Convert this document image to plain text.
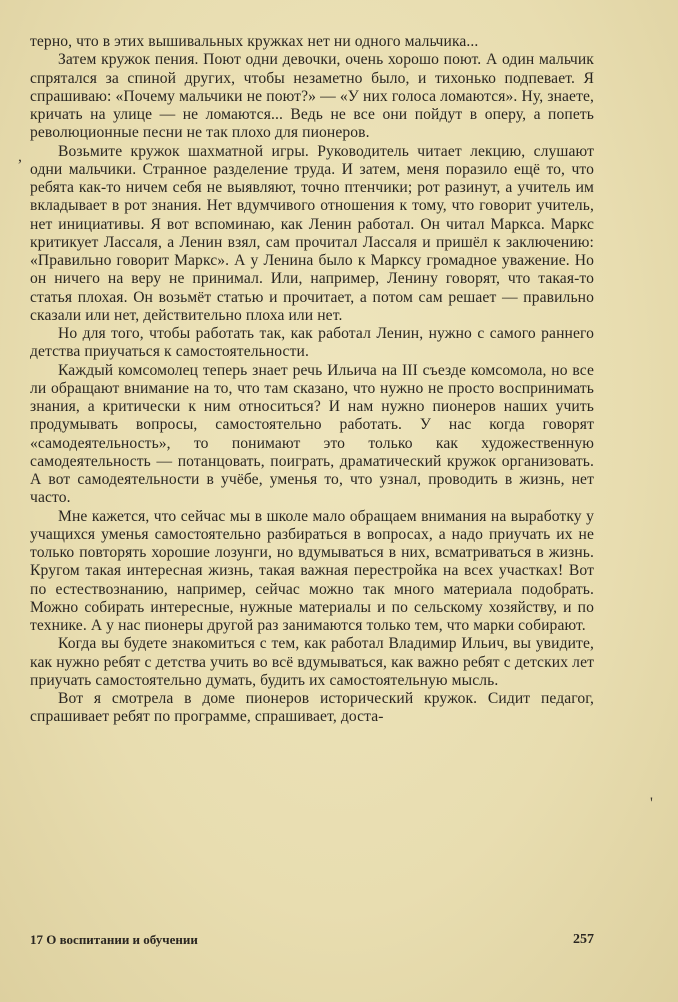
терно, что в этих вышивальных кружках нет ни одного мальчика...

Затем кружок пения. Поют одни девочки, очень хорошо поют. А один мальчик спрятался за спиной других, чтобы незаметно было, и тихонько подпевает. Я спрашиваю: «Почему мальчики не поют?» — «У них голоса ломаются». Ну, знаете, кричать на улице — не ломаются... Ведь не все они пойдут в оперу, а попеть революционные песни не так плохо для пионеров.

Возьмите кружок шахматной игры. Руководитель читает лекцию, слушают одни мальчики. Странное разделение труда. И затем, меня поразило ещё то, что ребята как-то ничем себя не выявляют, точно птенчики; рот разинут, а учитель им вкладывает в рот знания. Нет вдумчивого отношения к тому, что говорит учитель, нет инициативы. Я вот вспоминаю, как Ленин работал. Он читал Маркса. Маркс критикует Лассаля, а Ленин взял, сам прочитал Лассаля и пришёл к заключению: «Правильно говорит Маркс». А у Ленина было к Марксу громадное уважение. Но он ничего на веру не принимал. Или, например, Ленину говорят, что такая-то статья плохая. Он возьмёт статью и прочитает, а потом сам решает — правильно сказали или нет, действительно плоха или нет.

Но для того, чтобы работать так, как работал Ленин, нужно с самого раннего детства приучаться к самостоятельности.

Каждый комсомолец теперь знает речь Ильича на III съезде комсомола, но все ли обращают внимание на то, что там сказано, что нужно не просто воспринимать знания, а критически к ним относиться? И нам нужно пионеров наших учить продумывать вопросы, самостоятельно работать. У нас когда говорят «самодеятельность», то понимают это только как художественную самодеятельность — потанцовать, поиграть, драматический кружок организовать. А вот самодеятельности в учёбе, уменья то, что узнал, проводить в жизнь, нет часто.

Мне кажется, что сейчас мы в школе мало обращаем внимания на выработку у учащихся уменья самостоятельно разбираться в вопросах, а надо приучать их не только повторять хорошие лозунги, но вдумываться в них, всматриваться в жизнь. Кругом такая интересная жизнь, такая важная перестройка на всех участках! Вот по естествознанию, например, сейчас можно так много материала подобрать. Можно собирать интересные, нужные материалы и по сельскому хозяйству, и по технике. А у нас пионеры другой раз занимаются только тем, что марки собирают.

Когда вы будете знакомиться с тем, как работал Владимир Ильич, вы увидите, как нужно ребят с детства учить во всё вдумываться, как важно ребят с детских лет приучать самостоятельно думать, будить их самостоятельную мысль.

Вот я смотрела в доме пионеров исторический кружок. Сидит педагог, спрашивает ребят по программе, спрашивает, доста-

,
'
17 О воспитании и обучении	257
